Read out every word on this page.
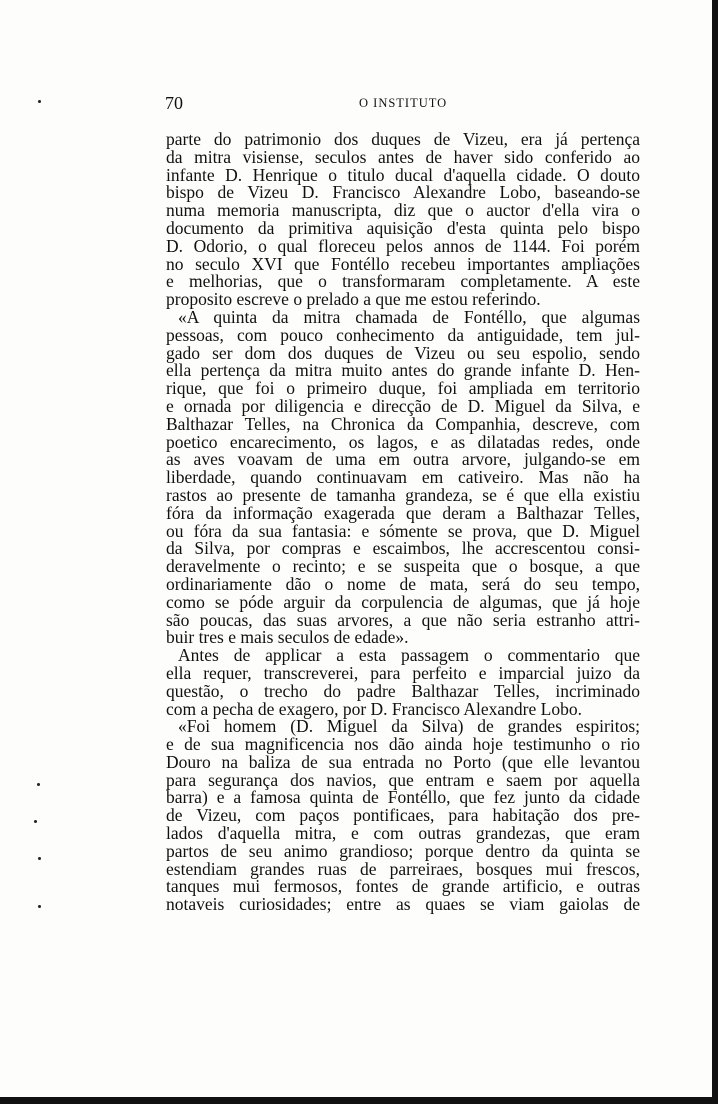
70	O INSTITUTO
parte do patrimonio dos duques de Vizeu, era já pertença
da mitra visiense, seculos antes de haver sido conferido ao
infante D. Henrique o titulo ducal d'aquella cidade. O douto
bispo de Vizeu D. Francisco Alexandre Lobo, baseando-se
numa memoria manuscripta, diz que o auctor d'ella vira o
documento da primitiva aquisição d'esta quinta pelo bispo
D. Odorio, o qual floreceu pelos annos de 1144. Foi porém
no seculo XVI que Fontéllo recebeu importantes ampliações
e melhorias, que o transformaram completamente. A este
proposito escreve o prelado a que me estou referindo.
«A quinta da mitra chamada de Fontéllo, que algumas
pessoas, com pouco conhecimento da antiguidade, tem jul-
gado ser dom dos duques de Vizeu ou seu espolio, sendo
ella pertença da mitra muito antes do grande infante D. Hen-
rique, que foi o primeiro duque, foi ampliada em territorio
e ornada por diligencia e direcção de D. Miguel da Silva, e
Balthazar Telles, na Chronica da Companhia, descreve, com
poetico encarecimento, os lagos, e as dilatadas redes, onde
as aves voavam de uma em outra arvore, julgando-se em
liberdade, quando continuavam em cativeiro. Mas não ha
rastos ao presente de tamanha grandeza, se é que ella existiu
fóra da informação exagerada que deram a Balthazar Telles,
ou fóra da sua fantasia: e sómente se prova, que D. Miguel
da Silva, por compras e escaimbos, lhe accrescentou consi-
deravelmente o recinto; e se suspeita que o bosque, a que
ordinariamente dão o nome de mata, será do seu tempo,
como se póde arguir da corpulencia de algumas, que já hoje
são poucas, das suas arvores, a que não seria estranho attri-
buir tres e mais seculos de edade».
Antes de applicar a esta passagem o commentario que
ella requer, transcreverei, para perfeito e imparcial juizo da
questão, o trecho do padre Balthazar Telles, incriminado
com a pecha de exagero, por D. Francisco Alexandre Lobo.
«Foi homem (D. Miguel da Silva) de grandes espiritos;
e de sua magnificencia nos dão ainda hoje testimunho o rio
Douro na baliza de sua entrada no Porto (que elle levantou
para segurança dos navios, que entram e saem por aquella
barra) e a famosa quinta de Fontéllo, que fez junto da cidade
de Vizeu, com paços pontificaes, para habitação dos pre-
lados d'aquella mitra, e com outras grandezas, que eram
partos de seu animo grandioso; porque dentro da quinta se
estendiam grandes ruas de parreiraes, bosques mui frescos,
tanques mui fermosos, fontes de grande artificio, e outras
notaveis curiosidades; entre as quaes se viam gaiolas de
